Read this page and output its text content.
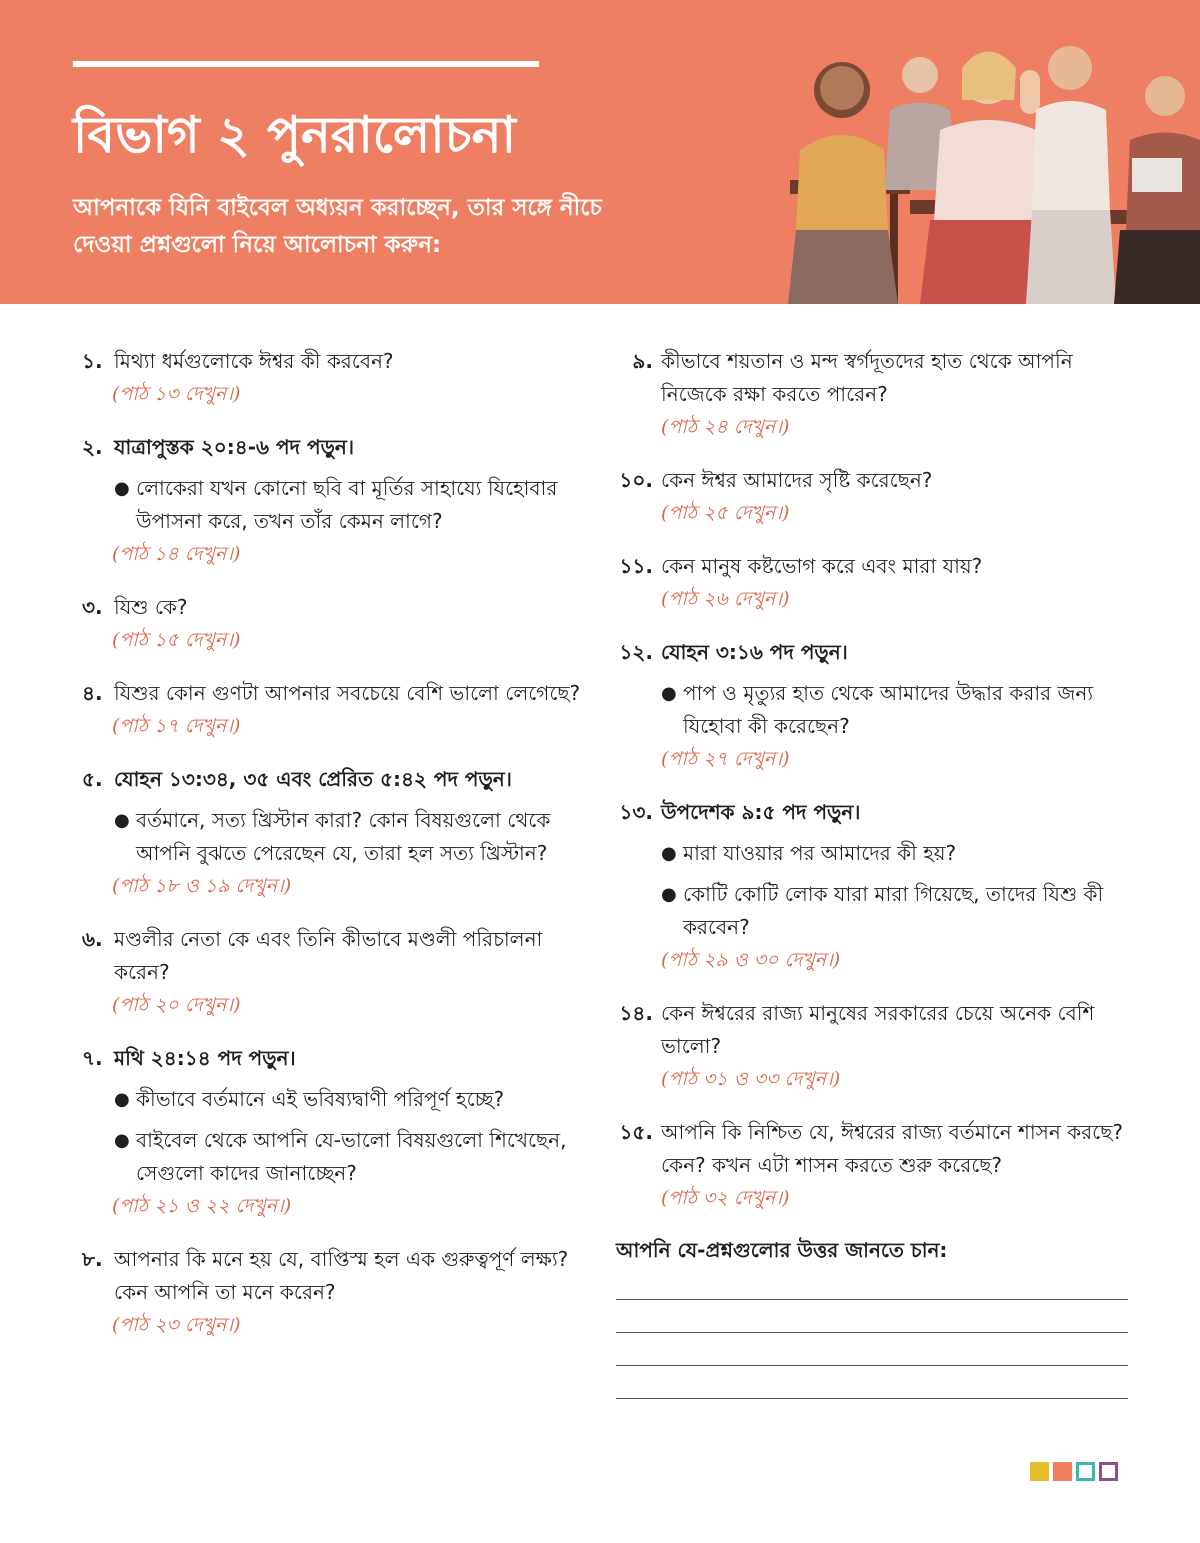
বিভাগ ২ পুনরালোচনা
আপনাকে যিনি বাইবেল অধ্যয়ন করাচ্ছেন, তার সঙ্গে নীচে দেওয়া প্রশ্নগুলো নিয়ে আলোচনা করুন:
১. মিথ্যা ধর্মগুলোকে ঈশ্বর কী করবেন?
(পাঠ ১৩ দেখুন।)
২. যাত্রাপুস্তক ২০:৪-৬ পদ পড়ুন।
● লোকেরা যখন কোনো ছবি বা মূর্তির সাহায্যে যিহোবার উপাসনা করে, তখন তাঁর কেমন লাগে?
(পাঠ ১৪ দেখুন।)
৩. যিশু কে?
(পাঠ ১৫ দেখুন।)
৪. যিশুর কোন গুণটা আপনার সবচেয়ে বেশি ভালো লেগেছে?
(পাঠ ১৭ দেখুন।)
৫. যোহন ১৩:৩৪, ৩৫ এবং প্রেরিত ৫:৪২ পদ পড়ুন।
● বর্তমানে, সত্য খ্রিস্টান কারা? কোন বিষয়গুলো থেকে আপনি বুঝতে পেরেছেন যে, তারা হল সত্য খ্রিস্টান?
(পাঠ ১৮ ও ১৯ দেখুন।)
৬. মণ্ডলীর নেতা কে এবং তিনি কীভাবে মণ্ডলী পরিচালনা করেন?
(পাঠ ২০ দেখুন।)
৭. মথি ২৪:১৪ পদ পড়ুন।
● কীভাবে বর্তমানে এই ভবিষ্যদ্বাণী পরিপূর্ণ হচ্ছে?
● বাইবেল থেকে আপনি যে-ভালো বিষয়গুলো শিখেছেন, সেগুলো কাদের জানাচ্ছেন?
(পাঠ ২১ ও ২২ দেখুন।)
৮. আপনার কি মনে হয় যে, বাপ্তিস্ম হল এক গুরুত্বপূর্ণ লক্ষ্য? কেন আপনি তা মনে করেন?
(পাঠ ২৩ দেখুন।)
৯. কীভাবে শয়তান ও মন্দ স্বর্গদূতদের হাত থেকে আপনি নিজেকে রক্ষা করতে পারেন?
(পাঠ ২৪ দেখুন।)
১০. কেন ঈশ্বর আমাদের সৃষ্টি করেছেন?
(পাঠ ২৫ দেখুন।)
১১. কেন মানুষ কষ্টভোগ করে এবং মারা যায়?
(পাঠ ২৬ দেখুন।)
১২. যোহন ৩:১৬ পদ পড়ুন।
● পাপ ও মৃত্যুর হাত থেকে আমাদের উদ্ধার করার জন্য যিহোবা কী করেছেন?
(পাঠ ২৭ দেখুন।)
১৩. উপদেশক ৯:৫ পদ পড়ুন।
● মারা যাওয়ার পর আমাদের কী হয়?
● কোটি কোটি লোক যারা মারা গিয়েছে, তাদের যিশু কী করবেন?
(পাঠ ২৯ ও ৩০ দেখুন।)
১৪. কেন ঈশ্বরের রাজ্য মানুষের সরকারের চেয়ে অনেক বেশি ভালো?
(পাঠ ৩১ ও ৩৩ দেখুন।)
১৫. আপনি কি নিশ্চিত যে, ঈশ্বরের রাজ্য বর্তমানে শাসন করছে? কেন? কখন এটা শাসন করতে শুরু করেছে?
(পাঠ ৩২ দেখুন।)
আপনি যে-প্রশ্নগুলোর উত্তর জানতে চান:
